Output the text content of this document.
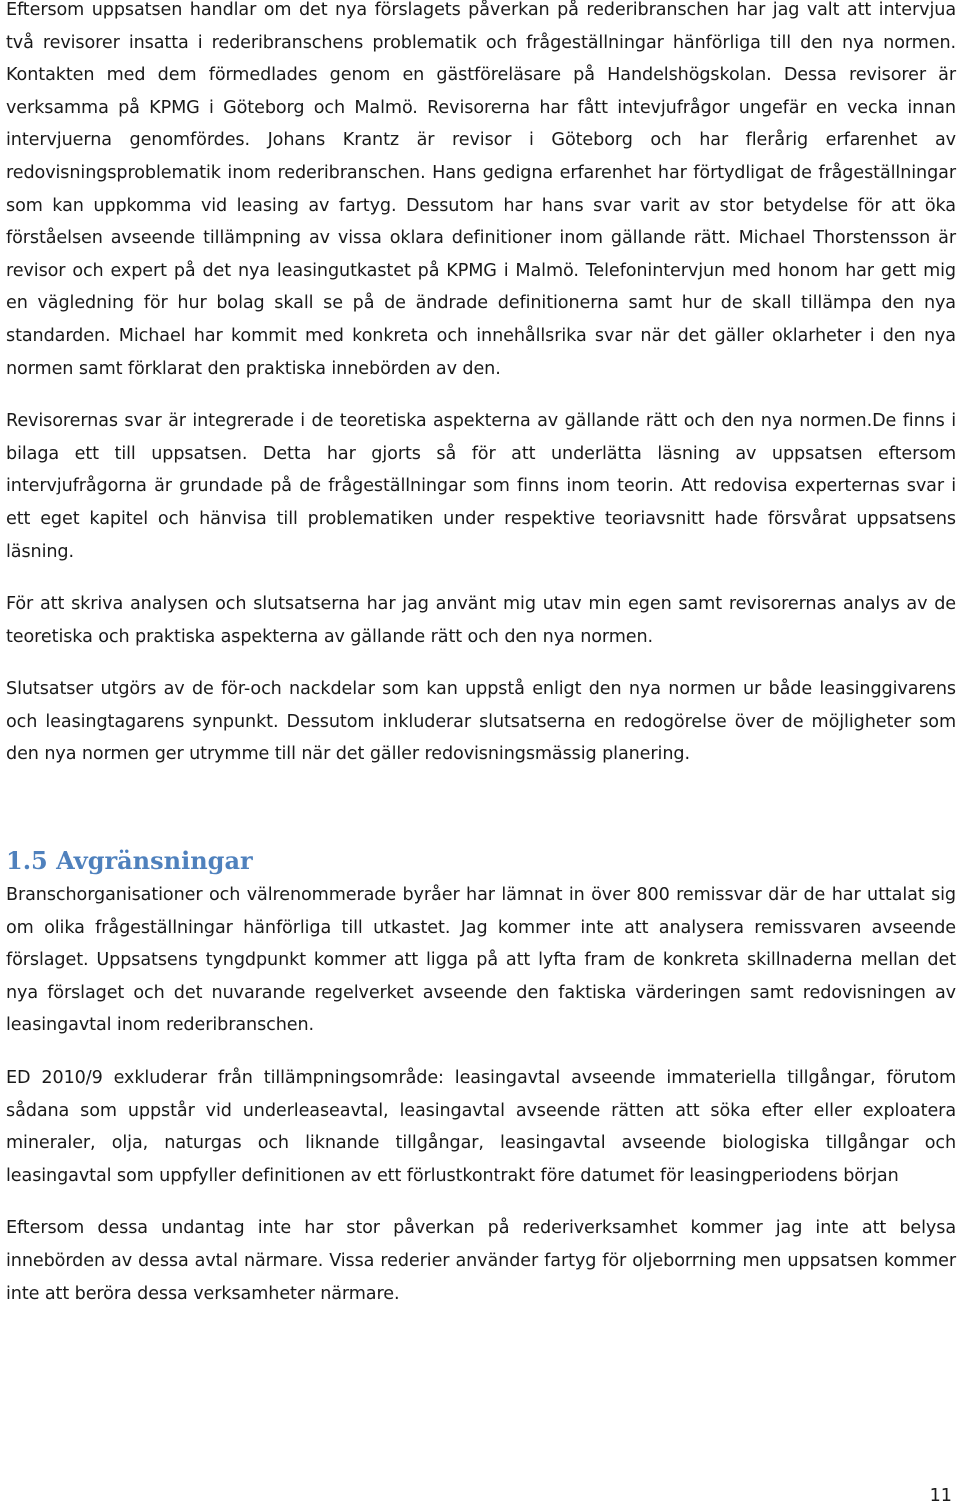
Eftersom uppsatsen handlar om det nya förslagets påverkan på rederibranschen har jag valt att intervjua två revisorer insatta i rederibranschens problematik och frågeställningar hänförliga till den nya normen. Kontakten med dem förmedlades genom en gästföreläsare på Handelshögskolan. Dessa revisorer är verksamma på KPMG i Göteborg och Malmö. Revisorerna har fått intevjufrågor ungefär en vecka innan intervjuerna genomfördes. Johans Krantz är revisor i Göteborg och har flerårig erfarenhet av redovisningsproblematik inom rederibranschen. Hans gedigna erfarenhet har förtydligat de frågeställningar som kan uppkomma vid leasing av fartyg. Dessutom har hans svar varit av stor betydelse för att öka förståelsen avseende tillämpning av vissa oklara definitioner inom gällande rätt. Michael Thorstensson är revisor och expert på det nya leasingutkastet på KPMG i Malmö. Telefonintervjun med honom har gett mig en vägledning för hur bolag skall se på de ändrade definitionerna samt hur de skall tillämpa den nya standarden. Michael har kommit med konkreta och innehållsrika svar när det gäller oklarheter i den nya normen samt förklarat den praktiska innebörden av den.

Revisorernas svar är integrerade i de teoretiska aspekterna av gällande rätt och den nya normen.De finns i bilaga ett till uppsatsen. Detta har gjorts så för att underlätta läsning av uppsatsen eftersom intervjufrågorna är grundade på de frågeställningar som finns inom teorin. Att redovisa experternas svar i ett eget kapitel och hänvisa till problematiken under respektive teoriavsnitt hade försvårat uppsatsens läsning.

För att skriva analysen och slutsatserna har jag använt mig utav min egen samt revisorernas analys av de teoretiska och praktiska aspekterna av gällande rätt och den nya normen.

Slutsatser utgörs av de för-och nackdelar som kan uppstå enligt den nya normen ur både leasinggivarens och leasingtagarens synpunkt. Dessutom inkluderar slutsatserna en redogörelse över de möjligheter som den nya normen ger utrymme till när det gäller redovisningsmässig planering.

1.5 Avgränsningar

Branschorganisationer och välrenommerade byråer har lämnat in över 800 remissvar där de har uttalat sig om olika frågeställningar hänförliga till utkastet. Jag kommer inte att analysera remissvaren avseende förslaget. Uppsatsens tyngdpunkt kommer att ligga på att lyfta fram de konkreta skillnaderna mellan det nya förslaget och det nuvarande regelverket avseende den faktiska värderingen samt redovisningen av leasingavtal inom rederibranschen.

ED 2010/9 exkluderar från tillämpningsområde: leasingavtal avseende immateriella tillgångar, förutom sådana som uppstår vid underleaseavtal, leasingavtal avseende rätten att söka efter eller exploatera mineraler, olja, naturgas och liknande tillgångar, leasingavtal avseende biologiska tillgångar och leasingavtal som uppfyller definitionen av ett förlustkontrakt före datumet för leasingperiodens början

Eftersom dessa undantag inte har stor påverkan på rederiverksamhet kommer jag inte att belysa innebörden av dessa avtal närmare. Vissa rederier använder fartyg för oljeborrning men uppsatsen kommer inte att beröra dessa verksamheter närmare.

11
